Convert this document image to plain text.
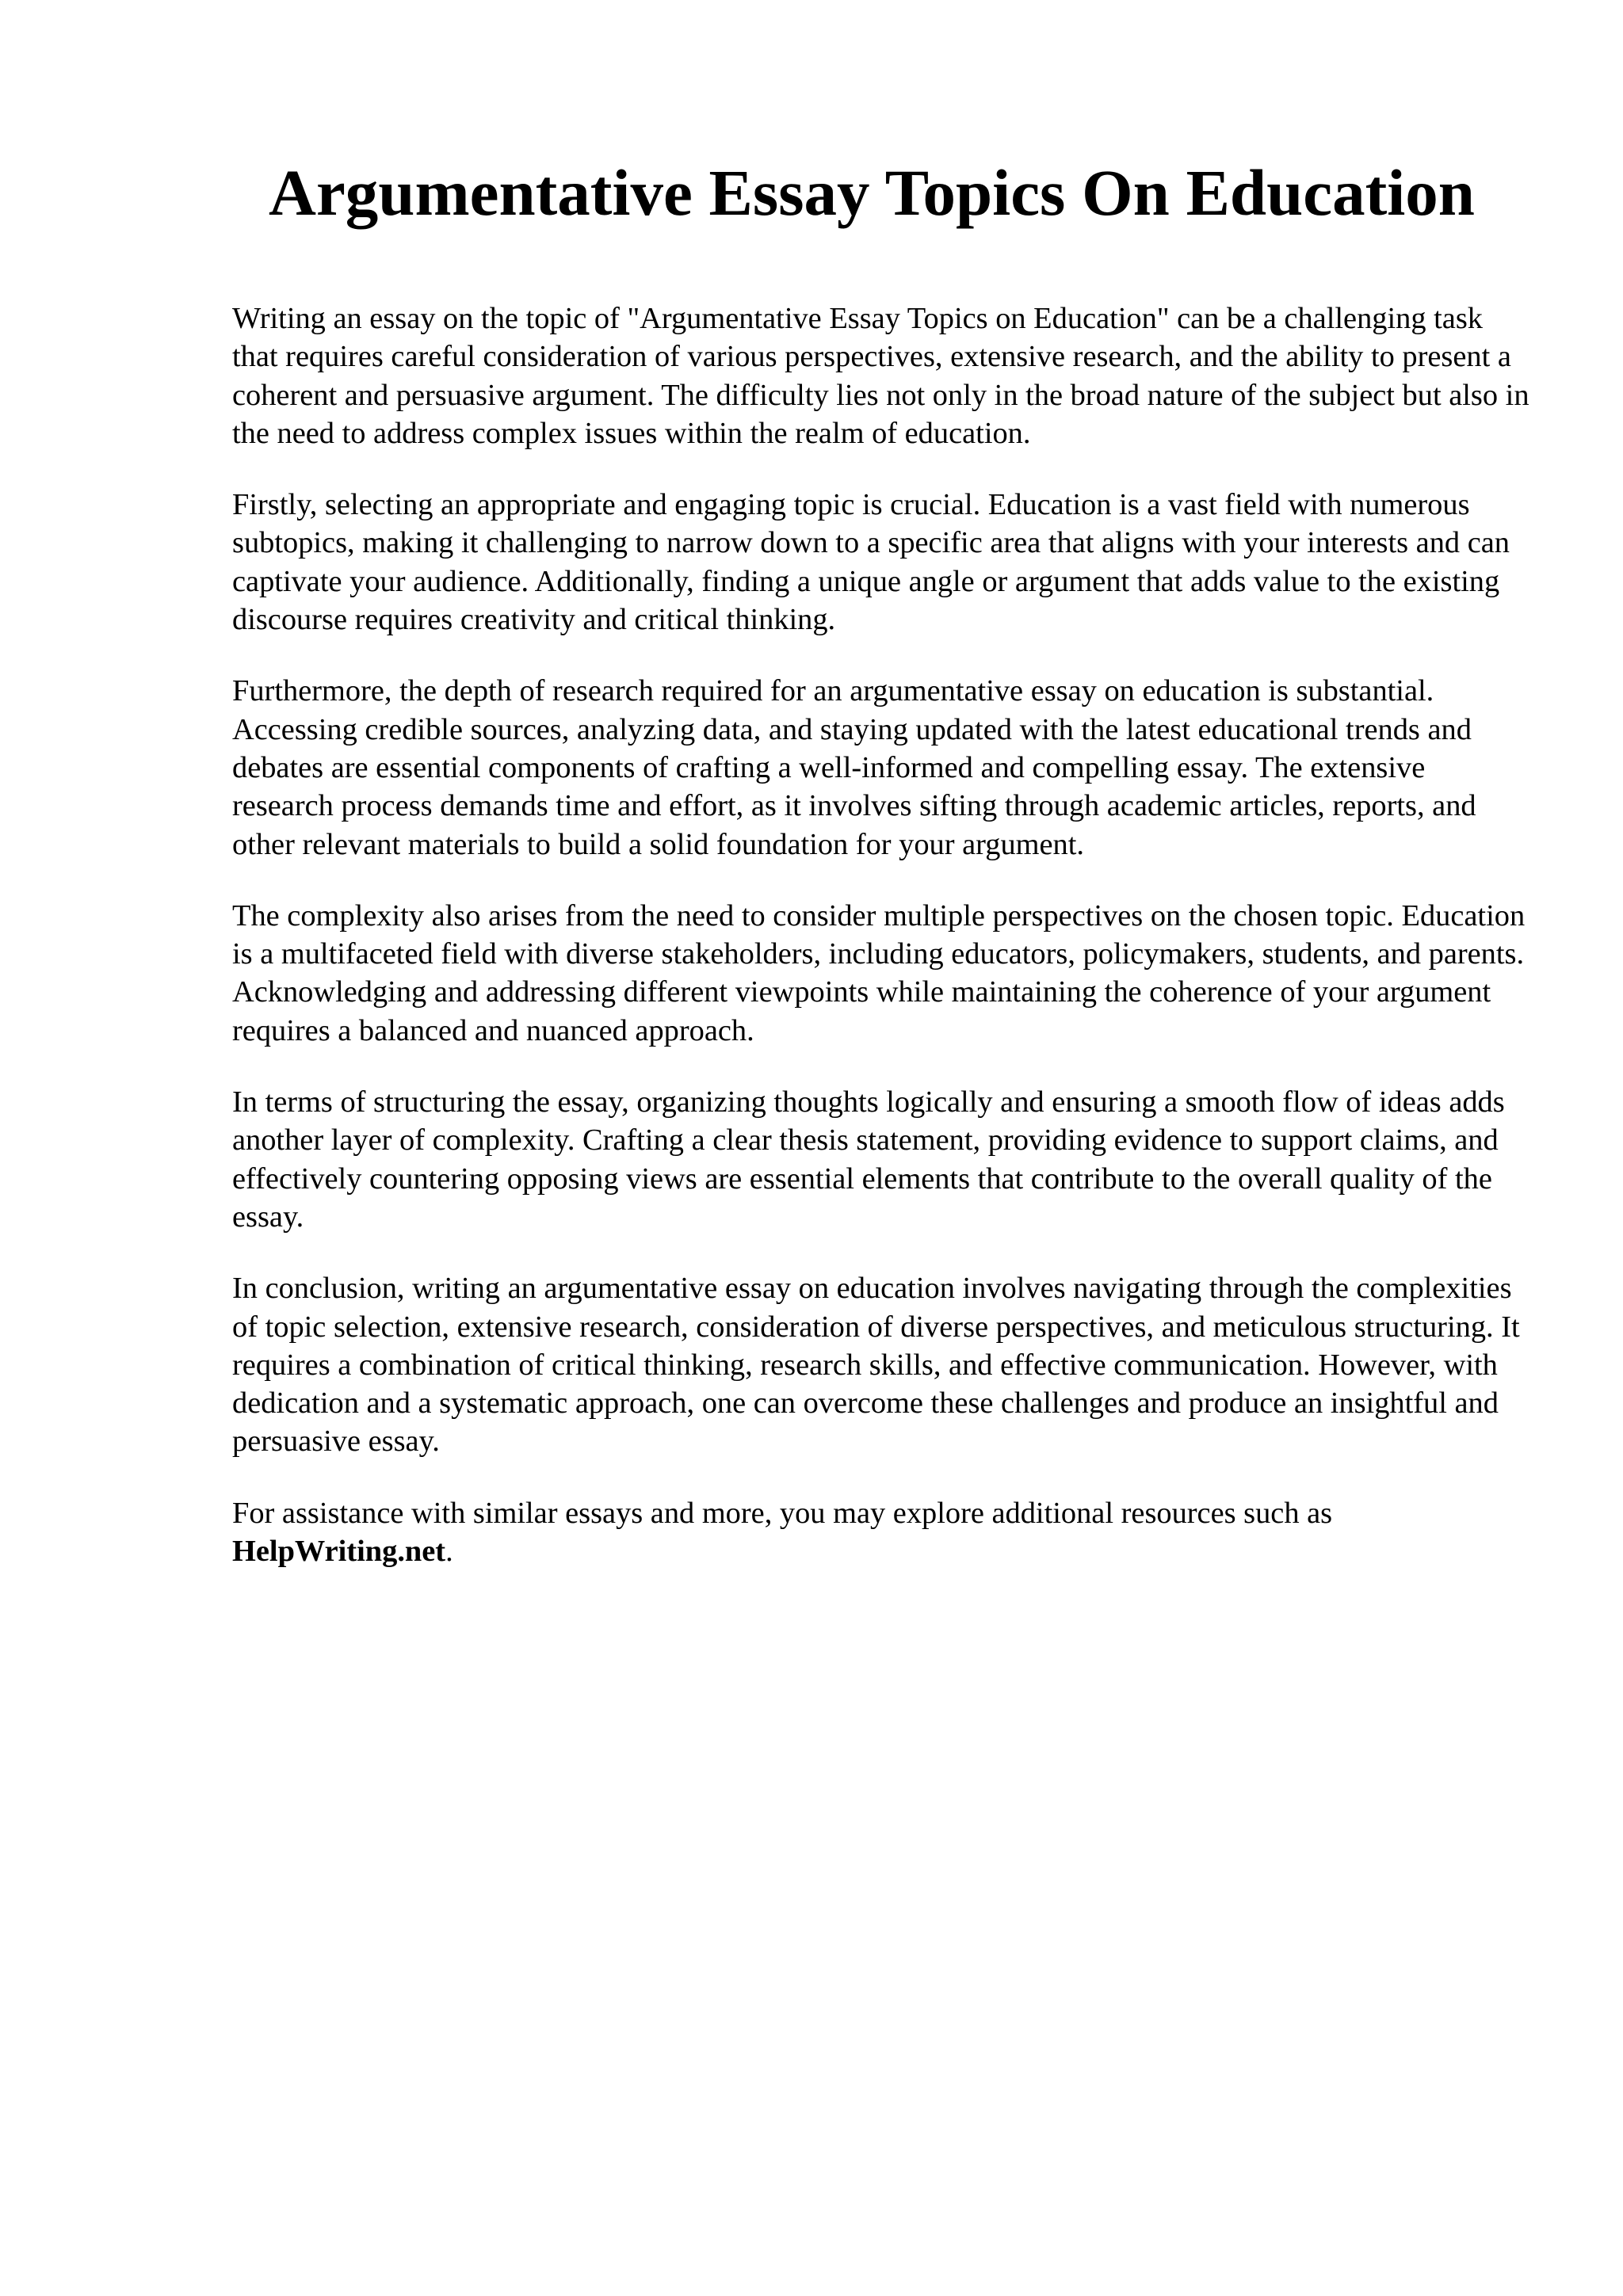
Argumentative Essay Topics On Education

Writing an essay on the topic of "Argumentative Essay Topics on Education" can be a challenging task that requires careful consideration of various perspectives, extensive research, and the ability to present a coherent and persuasive argument. The difficulty lies not only in the broad nature of the subject but also in the need to address complex issues within the realm of education.

Firstly, selecting an appropriate and engaging topic is crucial. Education is a vast field with numerous subtopics, making it challenging to narrow down to a specific area that aligns with your interests and can captivate your audience. Additionally, finding a unique angle or argument that adds value to the existing discourse requires creativity and critical thinking.

Furthermore, the depth of research required for an argumentative essay on education is substantial. Accessing credible sources, analyzing data, and staying updated with the latest educational trends and debates are essential components of crafting a well-informed and compelling essay. The extensive research process demands time and effort, as it involves sifting through academic articles, reports, and other relevant materials to build a solid foundation for your argument.

The complexity also arises from the need to consider multiple perspectives on the chosen topic. Education is a multifaceted field with diverse stakeholders, including educators, policymakers, students, and parents. Acknowledging and addressing different viewpoints while maintaining the coherence of your argument requires a balanced and nuanced approach.

In terms of structuring the essay, organizing thoughts logically and ensuring a smooth flow of ideas adds another layer of complexity. Crafting a clear thesis statement, providing evidence to support claims, and effectively countering opposing views are essential elements that contribute to the overall quality of the essay.

In conclusion, writing an argumentative essay on education involves navigating through the complexities of topic selection, extensive research, consideration of diverse perspectives, and meticulous structuring. It requires a combination of critical thinking, research skills, and effective communication. However, with dedication and a systematic approach, one can overcome these challenges and produce an insightful and persuasive essay.

For assistance with similar essays and more, you may explore additional resources such as HelpWriting.net.
